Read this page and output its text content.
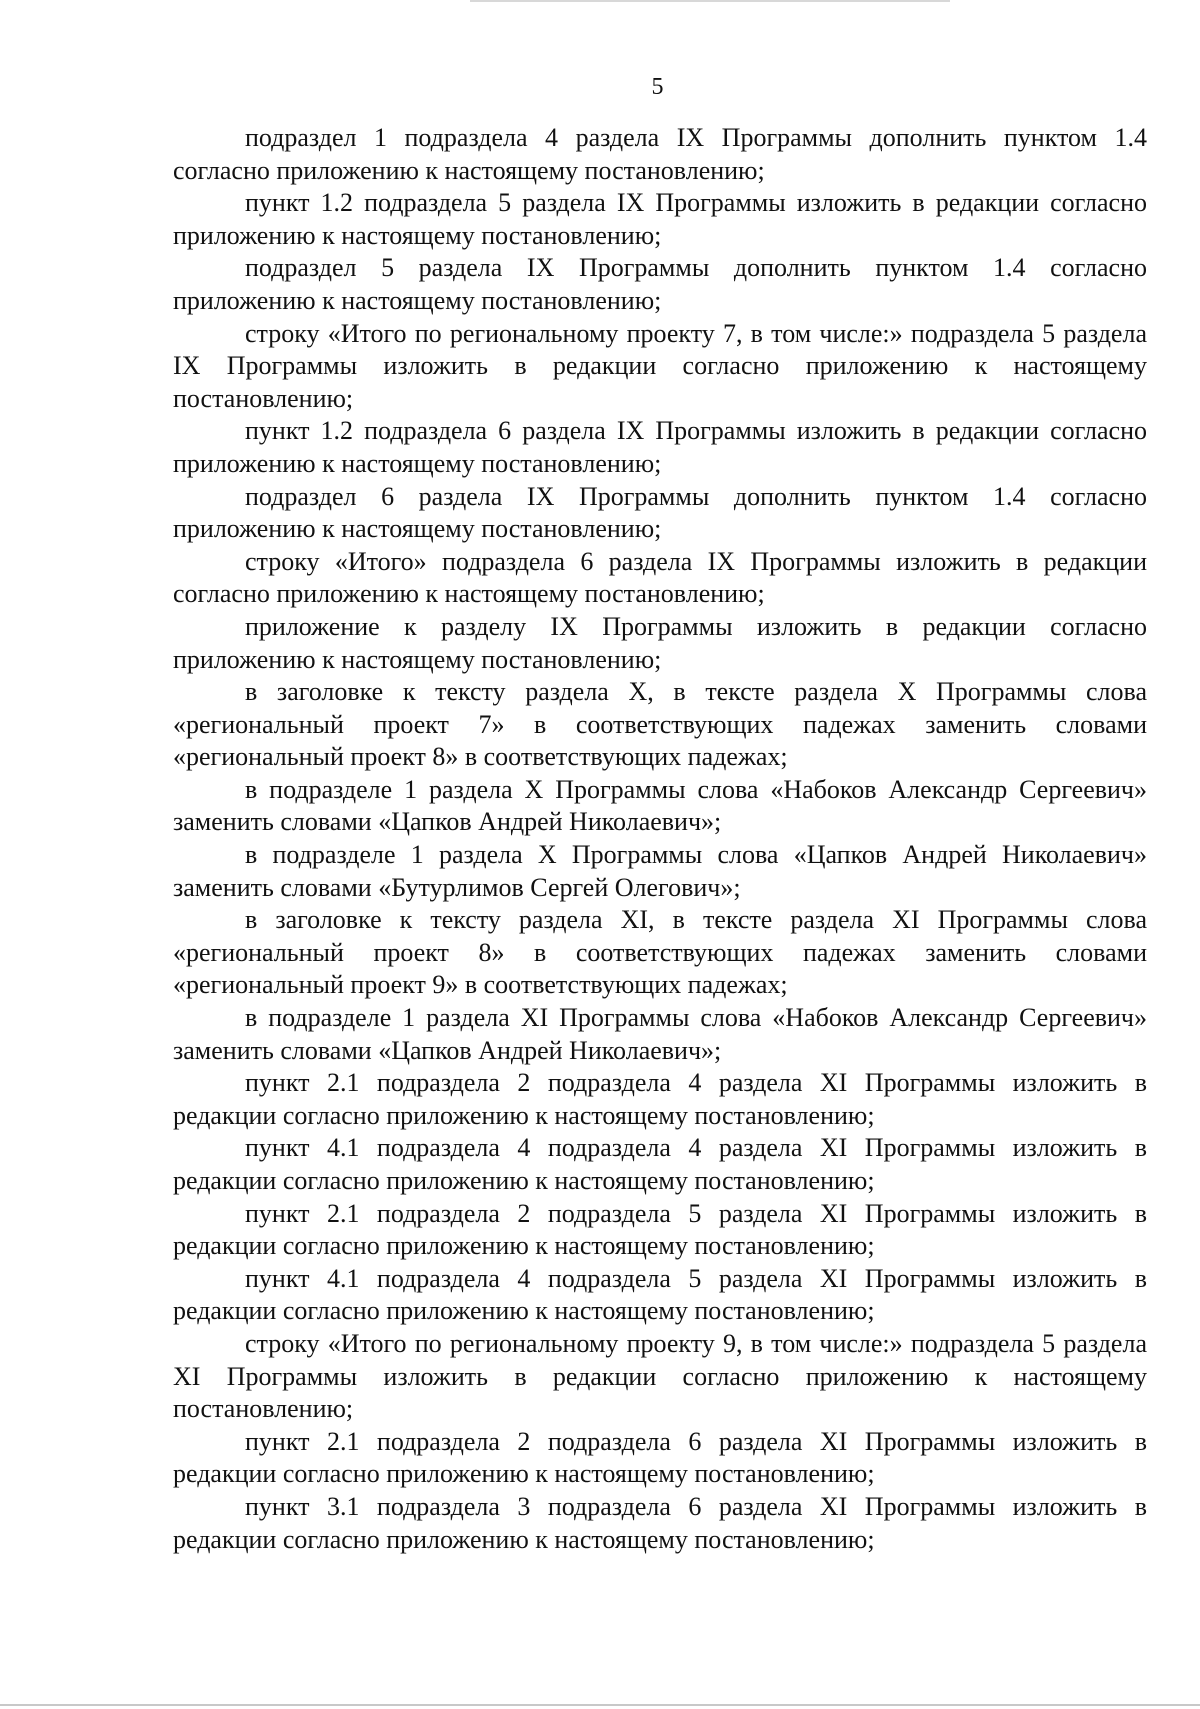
5

подраздел 1 подраздела 4 раздела IX Программы дополнить пунктом 1.4 согласно приложению к настоящему постановлению;

пункт 1.2 подраздела 5 раздела IX Программы изложить в редакции согласно приложению к настоящему постановлению;

подраздел 5 раздела IX Программы дополнить пунктом 1.4 согласно приложению к настоящему постановлению;

строку «Итого по региональному проекту 7, в том числе:» подраздела 5 раздела IX Программы изложить в редакции согласно приложению к настоящему постановлению;

пункт 1.2 подраздела 6 раздела IX Программы изложить в редакции согласно приложению к настоящему постановлению;

подраздел 6 раздела IX Программы дополнить пунктом 1.4 согласно приложению к настоящему постановлению;

строку «Итого» подраздела 6 раздела IX Программы изложить в редакции согласно приложению к настоящему постановлению;

приложение к разделу IX Программы изложить в редакции согласно приложению к настоящему постановлению;

в заголовке к тексту раздела X, в тексте раздела X Программы слова «региональный проект 7» в соответствующих падежах заменить словами «региональный проект 8» в соответствующих падежах;

в подразделе 1 раздела X Программы слова «Набоков Александр Сергеевич» заменить словами «Цапков Андрей Николаевич»;

в подразделе 1 раздела X Программы слова «Цапков Андрей Николаевич» заменить словами «Бутурлимов Сергей Олегович»;

в заголовке к тексту раздела XI, в тексте раздела XI Программы слова «региональный проект 8» в соответствующих падежах заменить словами «региональный проект 9» в соответствующих падежах;

в подразделе 1 раздела XI Программы слова «Набоков Александр Сергеевич» заменить словами «Цапков Андрей Николаевич»;

пункт 2.1 подраздела 2 подраздела 4 раздела XI Программы изложить в редакции согласно приложению к настоящему постановлению;

пункт 4.1 подраздела 4 подраздела 4 раздела XI Программы изложить в редакции согласно приложению к настоящему постановлению;

пункт 2.1 подраздела 2 подраздела 5 раздела XI Программы изложить в редакции согласно приложению к настоящему постановлению;

пункт 4.1 подраздела 4 подраздела 5 раздела XI Программы изложить в редакции согласно приложению к настоящему постановлению;

строку «Итого по региональному проекту 9, в том числе:» подраздела 5 раздела XI Программы изложить в редакции согласно приложению к настоящему постановлению;

пункт 2.1 подраздела 2 подраздела 6 раздела XI Программы изложить в редакции согласно приложению к настоящему постановлению;

пункт 3.1 подраздела 3 подраздела 6 раздела XI Программы изложить в редакции согласно приложению к настоящему постановлению;
